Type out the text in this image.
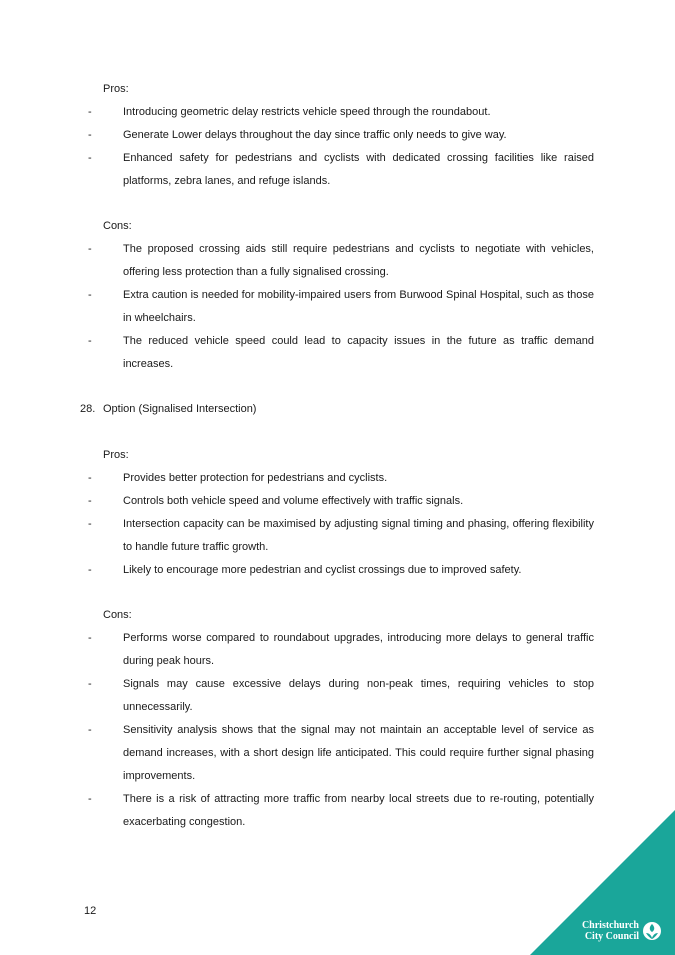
Pros:

-	Introducing geometric delay restricts vehicle speed through the roundabout.
-	Generate Lower delays throughout the day since traffic only needs to give way.
-	Enhanced safety for pedestrians and cyclists with dedicated crossing facilities like raised platforms, zebra lanes, and refuge islands.

Cons:

-	The proposed crossing aids still require pedestrians and cyclists to negotiate with vehicles, offering less protection than a fully signalised crossing.
-	Extra caution is needed for mobility-impaired users from Burwood Spinal Hospital, such as those in wheelchairs.
-	The reduced vehicle speed could lead to capacity issues in the future as traffic demand increases.
28. Option (Signalised Intersection)

Pros:

-	Provides better protection for pedestrians and cyclists.
-	Controls both vehicle speed and volume effectively with traffic signals.
-	Intersection capacity can be maximised by adjusting signal timing and phasing, offering flexibility to handle future traffic growth.
-	Likely to encourage more pedestrian and cyclist crossings due to improved safety.

Cons:

-	Performs worse compared to roundabout upgrades, introducing more delays to general traffic during peak hours.
-	Signals may cause excessive delays during non-peak times, requiring vehicles to stop unnecessarily.
-	Sensitivity analysis shows that the signal may not maintain an acceptable level of service as demand increases, with a short design life anticipated. This could require further signal phasing improvements.
-	There is a risk of attracting more traffic from nearby local streets due to re-routing, potentially exacerbating congestion.
12
Christchurch
City Council
